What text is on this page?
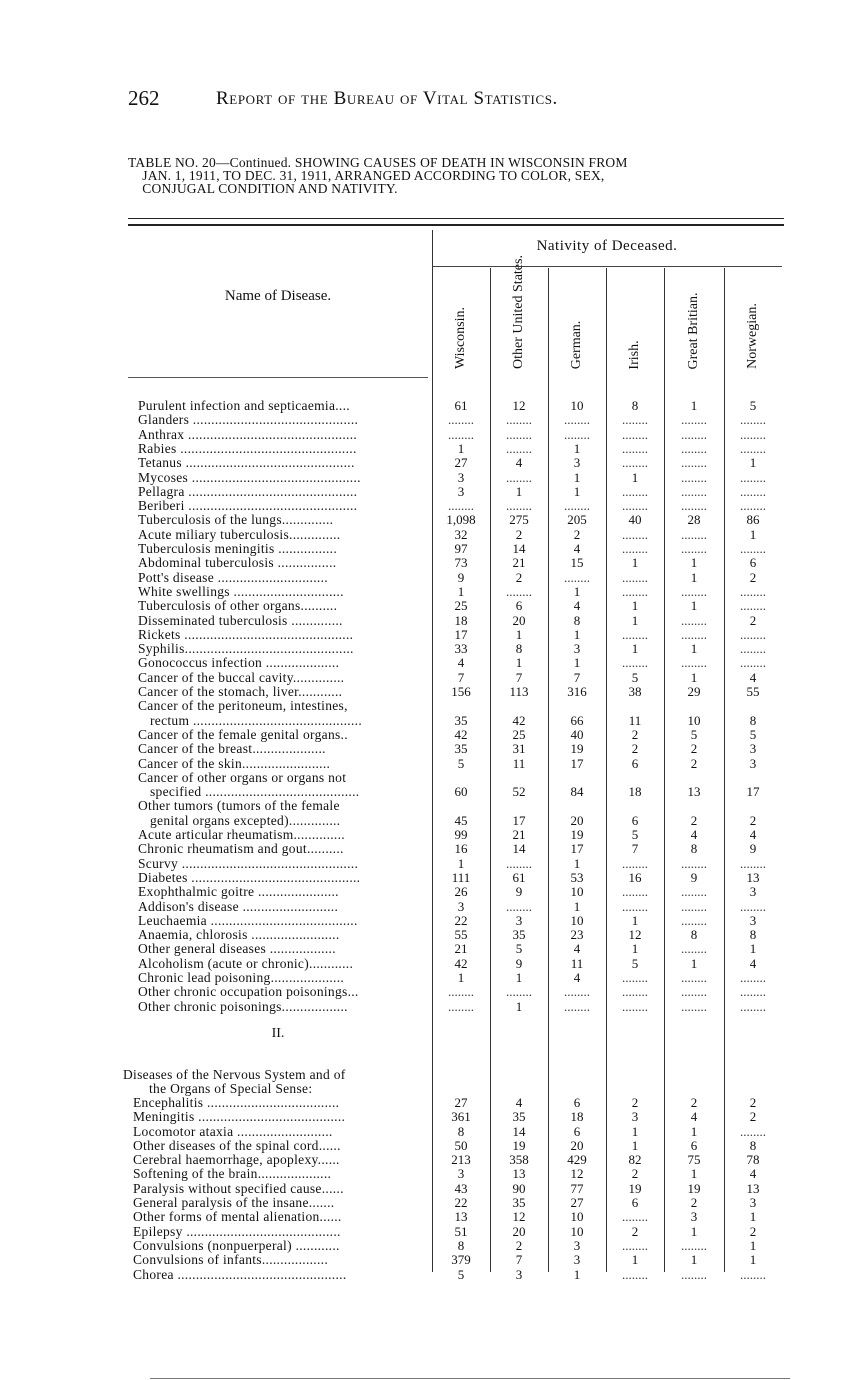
262	Report of the Bureau of Vital Statistics.
TABLE NO. 20—Continued. SHOWING CAUSES OF DEATH IN WISCONSIN FROM
JAN. 1, 1911, TO DEC. 31, 1911, ARRANGED ACCORDING TO COLOR, SEX,
CONJUGAL CONDITION AND NATIVITY.
Nativity of Deceased.
Name of Disease.
Wisconsin.	Other United States.	German.	Irish.	Great Britian.	Norwegian.
Purulent infection and septicaemia....	61	12	10	8	1	5
Glanders .............................................	........	........	........	........	........	........
Anthrax ..............................................	........	........	........	........	........	........
Rabies ................................................	1	........	1	........	........	........
Tetanus ..............................................	27	4	3	........	........	1
Mycoses ..............................................	3	........	1	1	........	........
Pellagra ..............................................	3	1	1	........	........	........
Beriberi ..............................................	........	........	........	........	........	........
Tuberculosis of the lungs..............	1,098	275	205	40	28	86
Acute miliary tuberculosis..............	32	2	2	........	........	1
Tuberculosis meningitis ................	97	14	4	........	........	........
Abdominal tuberculosis ................	73	21	15	1	1	6
Pott's disease ..............................	9	2	........	........	1	2
White swellings ..............................	1	........	1	........	........	........
Tuberculosis of other organs..........	25	6	4	1	1	........
Disseminated tuberculosis ..............	18	20	8	1	........	2
Rickets ..............................................	17	1	1	........	........	........
Syphilis..............................................	33	8	3	1	1	........
Gonococcus infection ....................	4	1	1	........	........	........
Cancer of the buccal cavity..............	7	7	7	5	1	4
Cancer of the stomach, liver............	156	113	316	38	29	55
Cancer of the peritoneum, intestines,
rectum ..............................................	35	42	66	11	10	8
Cancer of the female genital organs..	42	25	40	2	5	5
Cancer of the breast....................	35	31	19	2	2	3
Cancer of the skin........................	5	11	17	6	2	3
Cancer of other organs or organs not
specified ..........................................	60	52	84	18	13	17
Other tumors (tumors of the female
genital organs excepted)..............	45	17	20	6	2	2
Acute articular rheumatism..............	99	21	19	5	4	4
Chronic rheumatism and gout..........	16	14	17	7	8	9
Scurvy ................................................	1	........	1	........	........	........
Diabetes ..............................................	111	61	53	16	9	13
Exophthalmic goitre ......................	26	9	10	........	........	3
Addison's disease ..........................	3	........	1	........	........	........
Leuchaemia ........................................	22	3	10	1	........	3
Anaemia, chlorosis ........................	55	35	23	12	8	8
Other general diseases ..................	21	5	4	1	........	1
Alcoholism (acute or chronic)............	42	9	11	5	1	4
Chronic lead poisoning....................	1	1	4	........	........	........
Other chronic occupation poisonings...	........	........	........	........	........	........
Other chronic poisonings..................	........	1	........	........	........	........
II.
Diseases of the Nervous System and of
the Organs of Special Sense:
Encephalitis ....................................	27	4	6	2	2	2
Meningitis ........................................	361	35	18	3	4	2
Locomotor ataxia ..........................	8	14	6	1	1	........
Other diseases of the spinal cord......	50	19	20	1	6	8
Cerebral haemorrhage, apoplexy......	213	358	429	82	75	78
Softening of the brain....................	3	13	12	2	1	4
Paralysis without specified cause......	43	90	77	19	19	13
General paralysis of the insane.......	22	35	27	6	2	3
Other forms of mental alienation......	13	12	10	........	3	1
Epilepsy ..........................................	51	20	10	2	1	2
Convulsions (nonpuerperal) ............	8	2	3	........	........	1
Convulsions of infants..................	379	7	3	1	1	1
Chorea ..............................................	5	3	1	........	........	........
